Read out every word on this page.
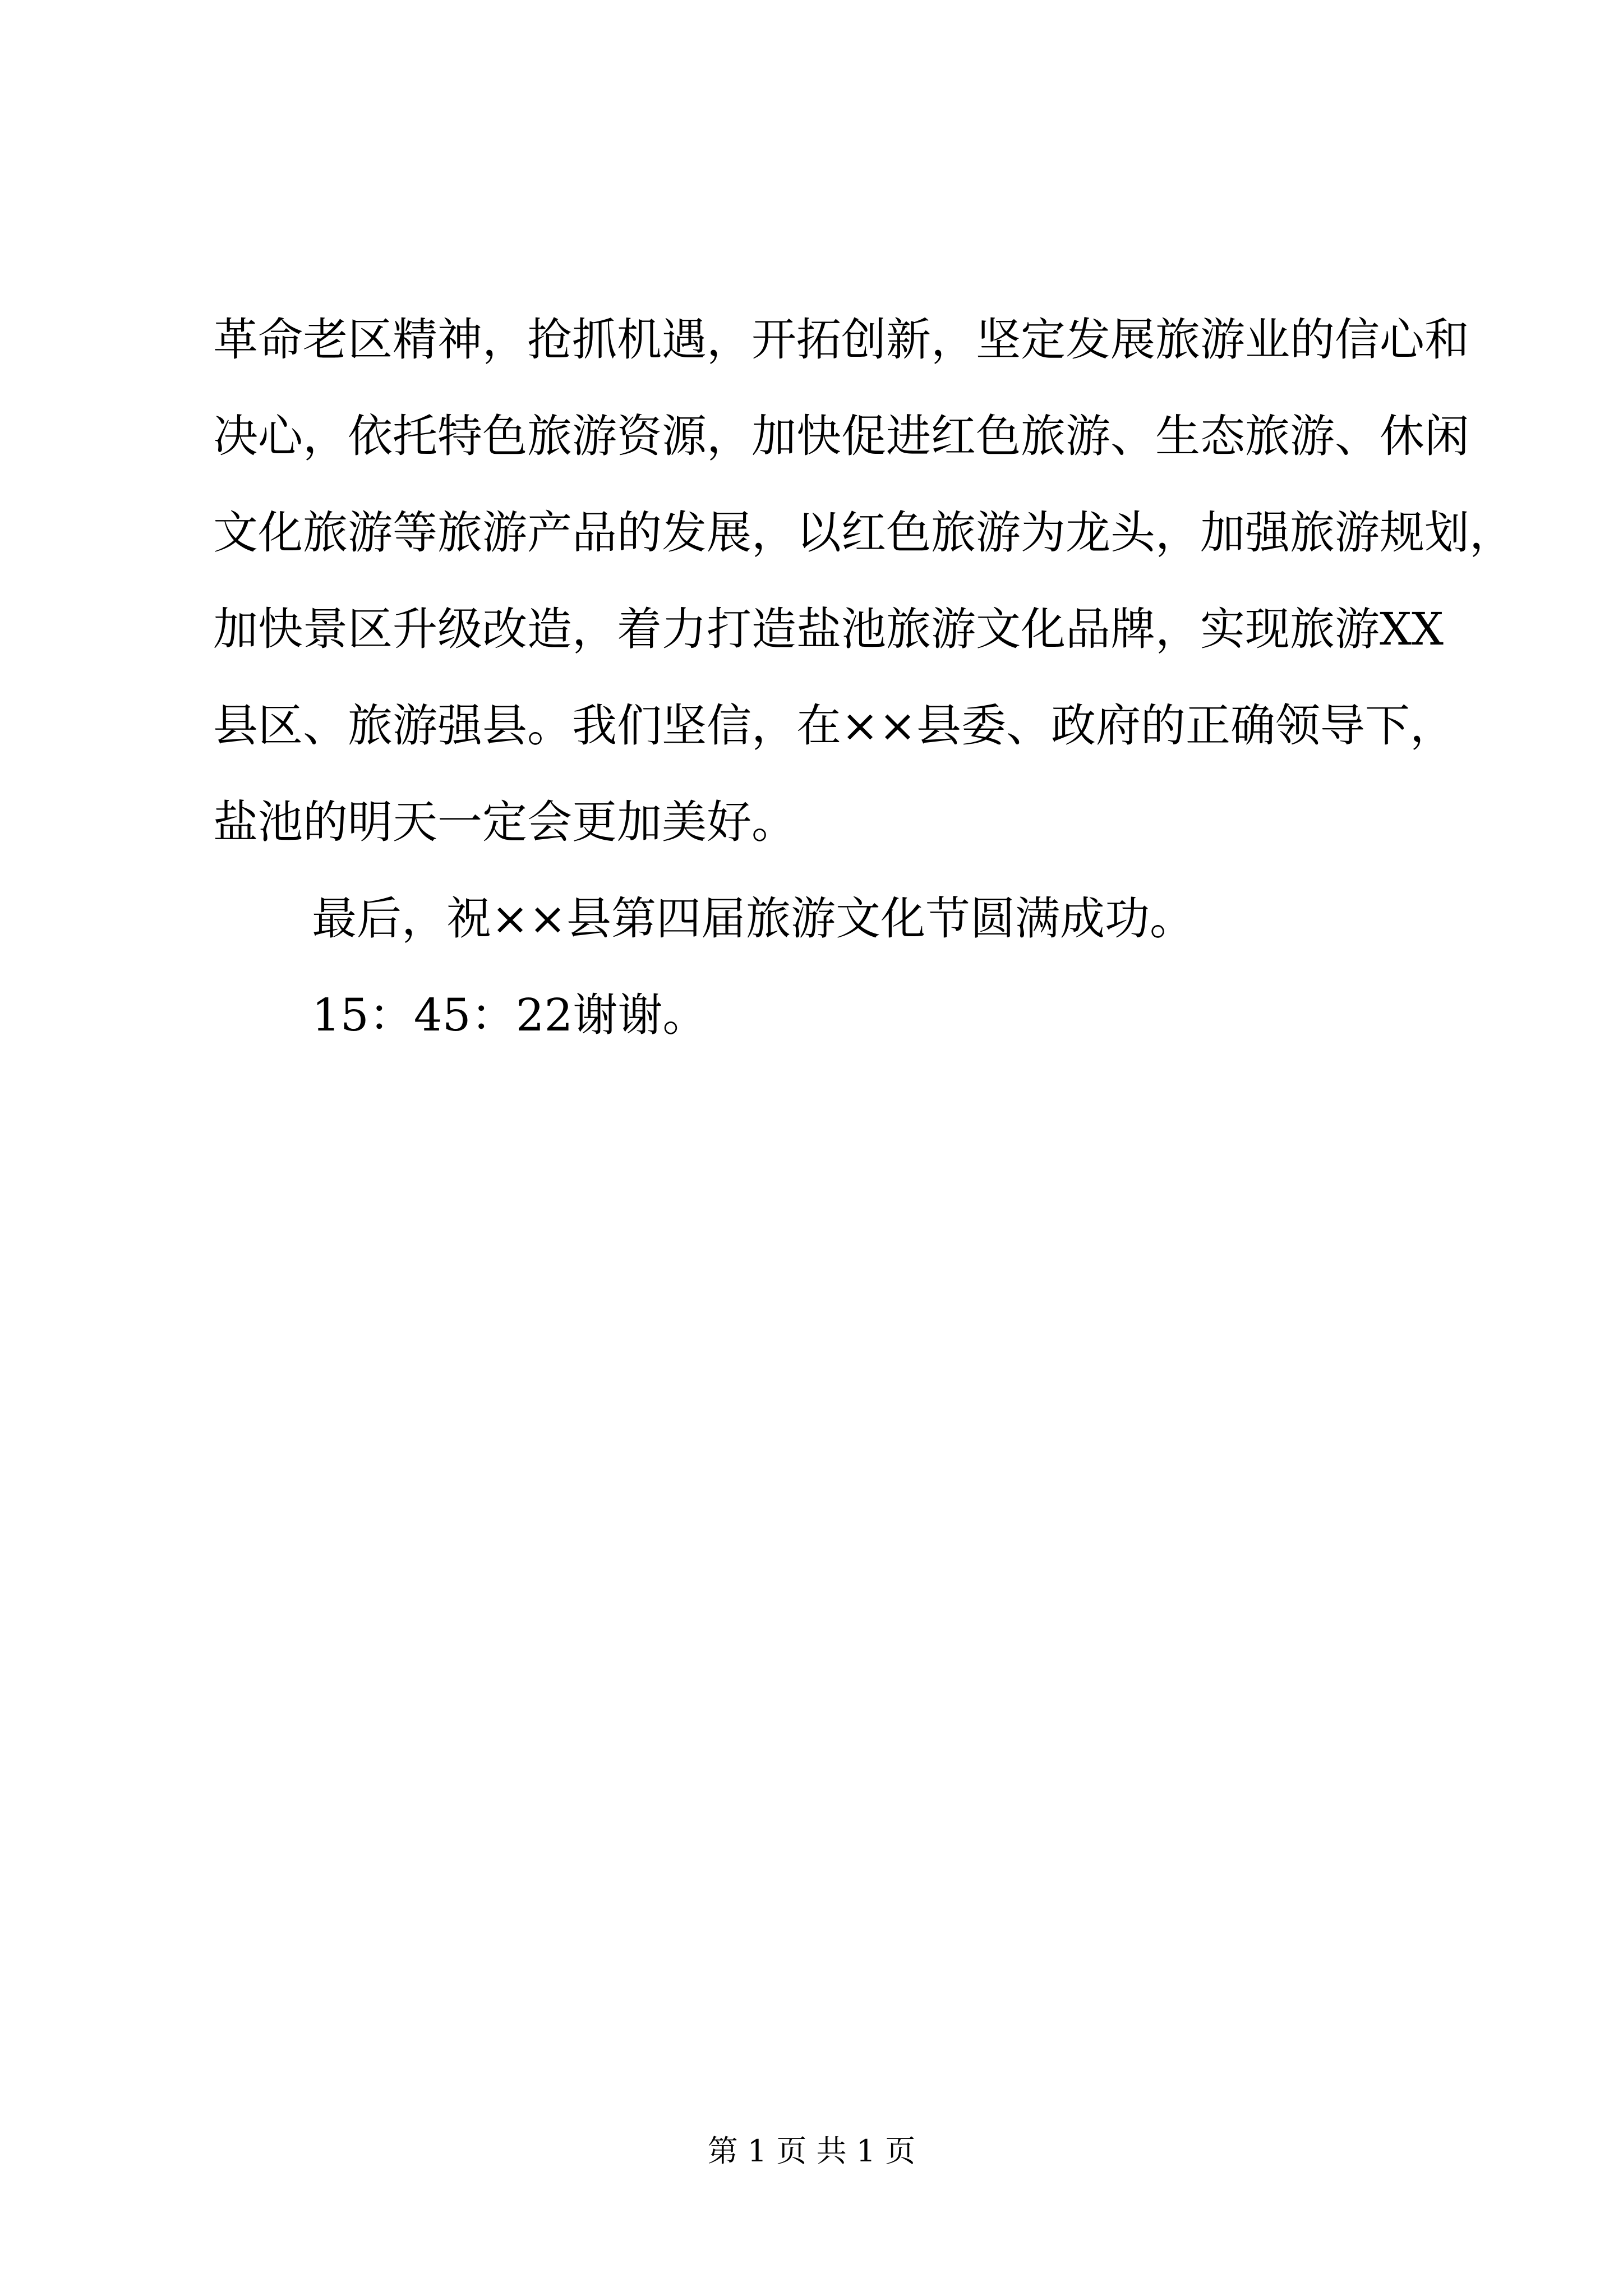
革命老区精神，抢抓机遇，开拓创新，坚定发展旅游业的信心和
决心，依托特色旅游资源，加快促进红色旅游、生态旅游、休闲
文化旅游等旅游产品的发展，以红色旅游为龙头，加强旅游规划，
加快景区升级改造，着力打造盐池旅游文化品牌，实现旅游XX
县区、旅游强县。我们坚信，在××县委、政府的正确领导下，
盐池的明天一定会更加美好。
最后，祝××县第四届旅游文化节圆满成功。
15：45：22谢谢。
第 1 页 共 1 页
